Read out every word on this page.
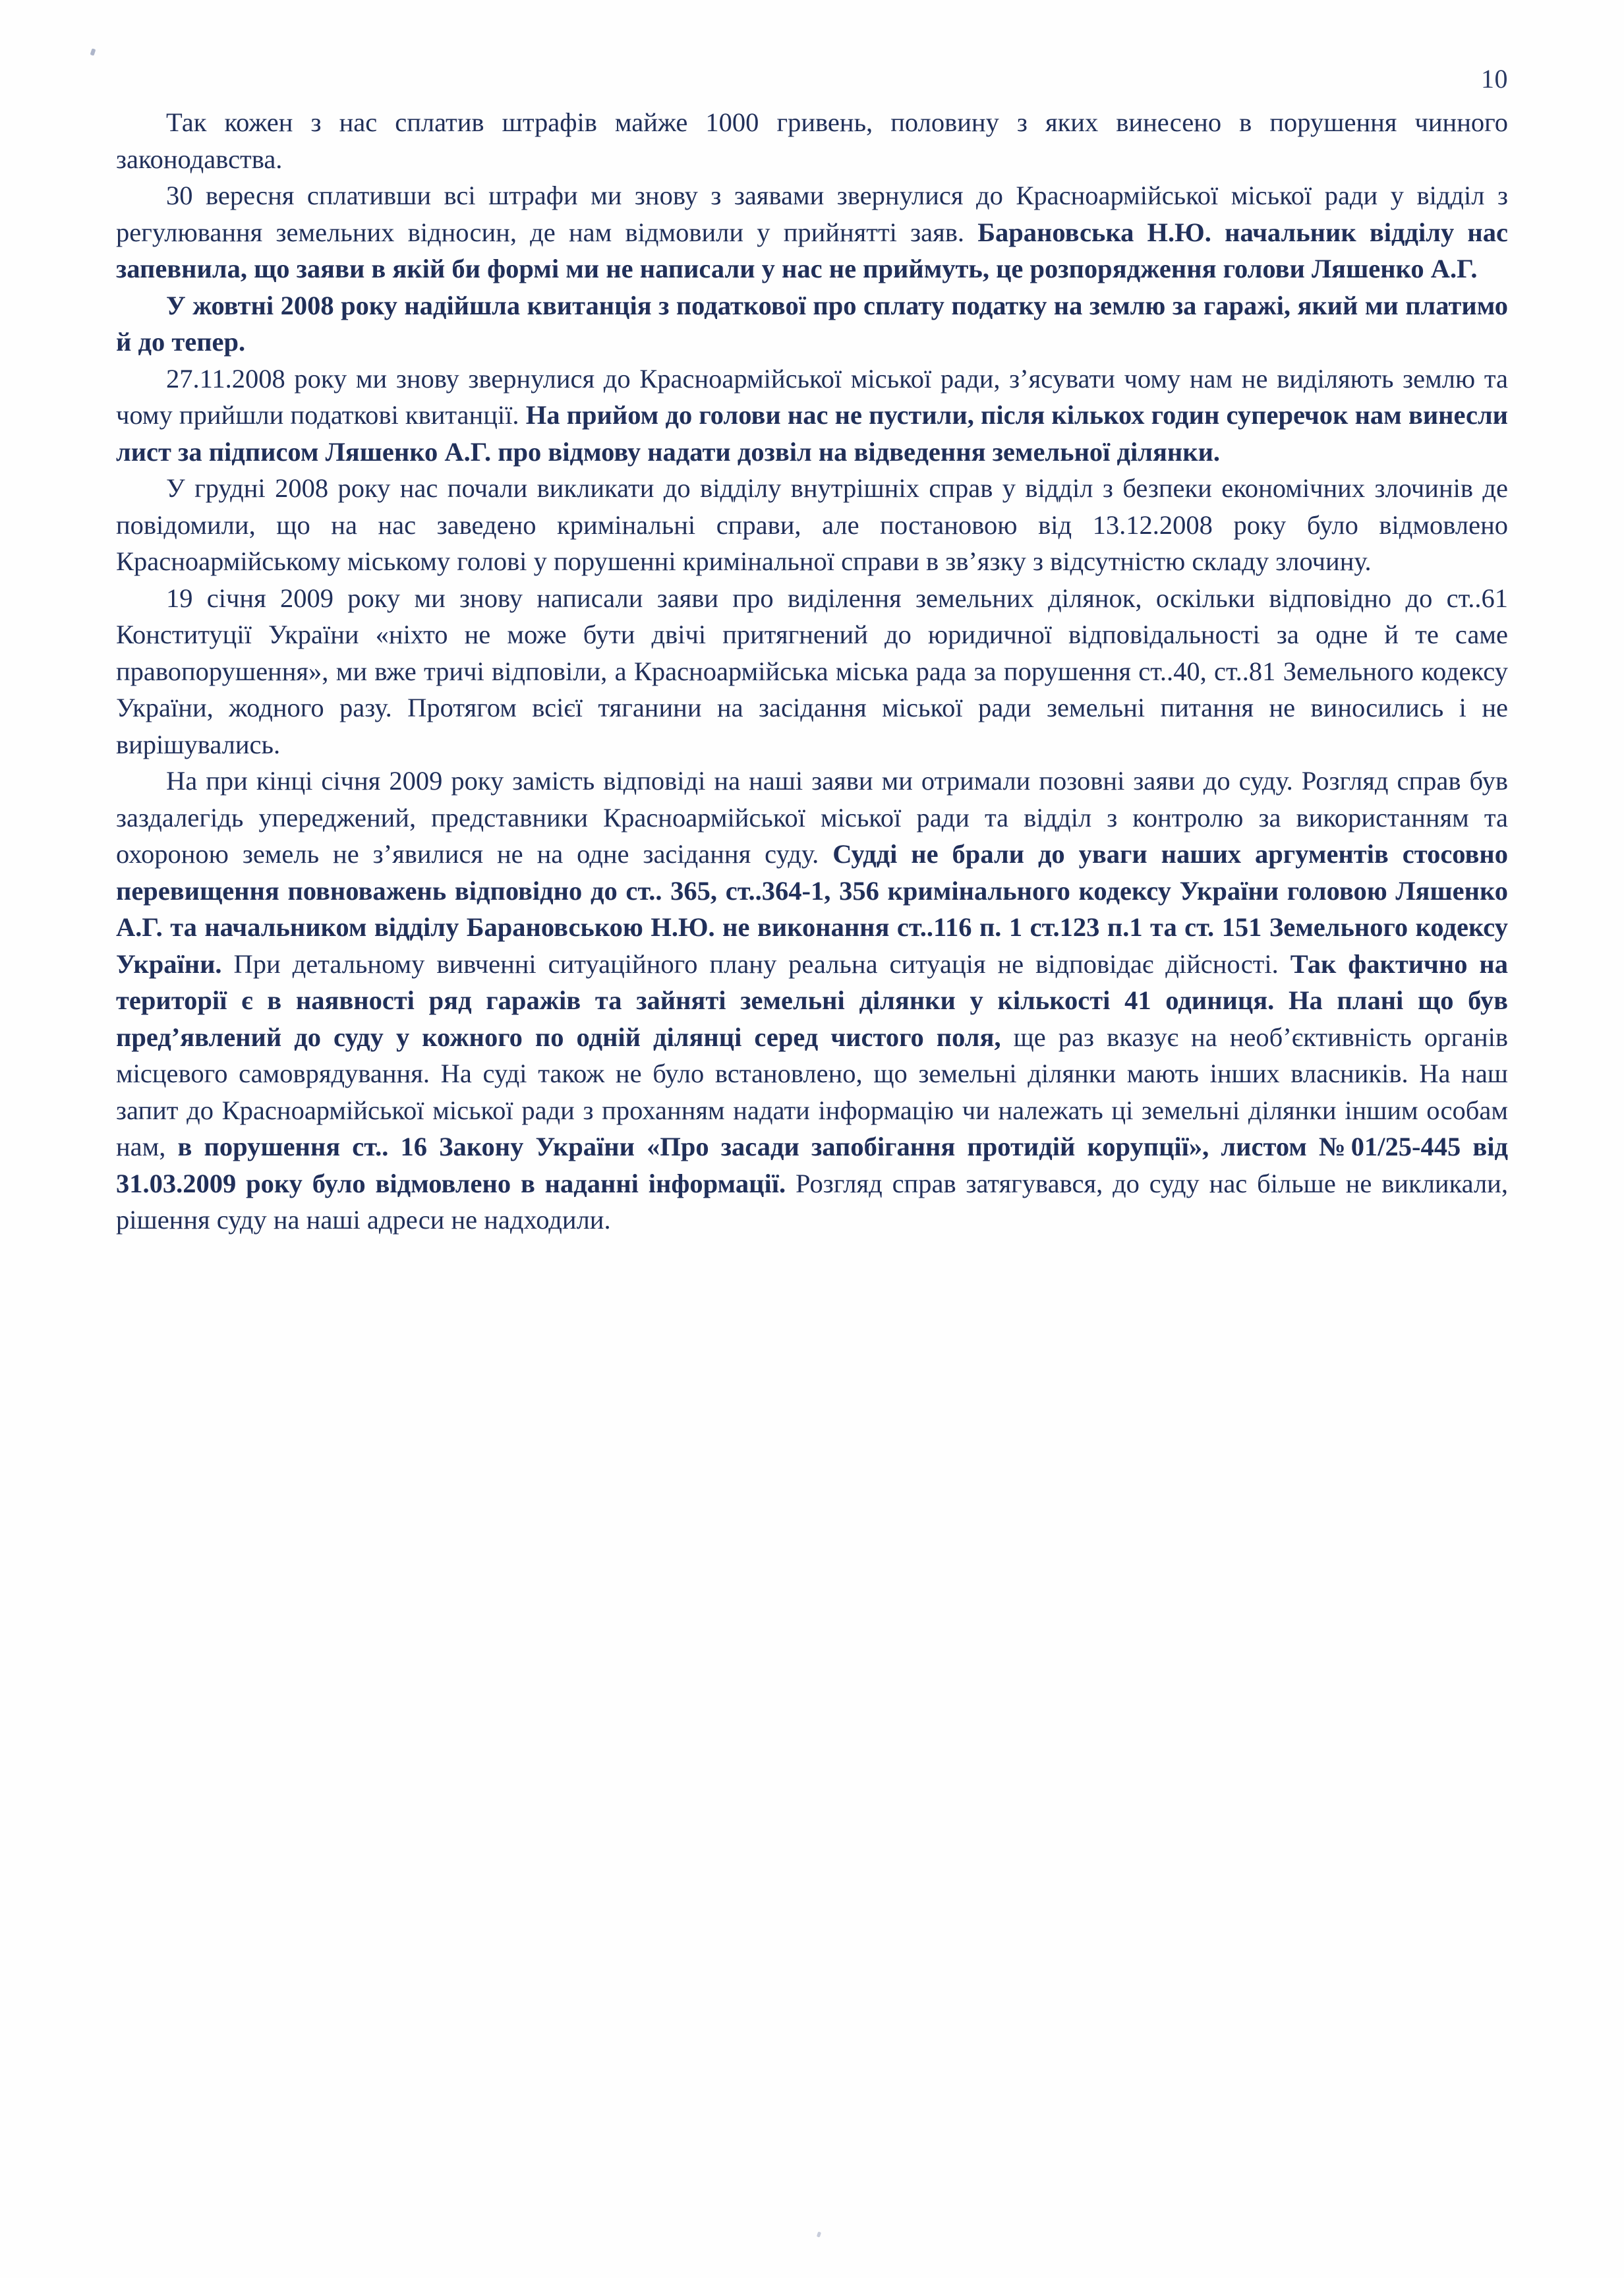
10

Так кожен з нас сплатив штрафів майже 1000 гривень, половину з яких винесено в порушення чинного законодавства.

30 вересня сплативши всі штрафи ми знову з заявами звернулися до Красноармійської міської ради у відділ з регулювання земельних відносин, де нам відмовили у прийнятті заяв. Барановська Н.Ю. начальник відділу нас запевнила, що заяви в якій би формі ми не написали у нас не приймуть, це розпорядження голови Ляшенко А.Г.

У жовтні 2008 року надійшла квитанція з податкової про сплату податку на землю за гаражі, який ми платимо й до тепер.

27.11.2008 року ми знову звернулися до Красноармійської міської ради, з’ясувати чому нам не виділяють землю та чому прийшли податкові квитанції. На прийом до голови нас не пустили, після кількох годин суперечок нам винесли лист за підписом Ляшенко А.Г. про відмову надати дозвіл на відведення земельної ділянки.

У грудні 2008 року нас почали викликати до відділу внутрішніх справ у відділ з безпеки економічних злочинів де повідомили, що на нас заведено кримінальні справи, але постановою від 13.12.2008 року було відмовлено Красноармійському міському голові у порушенні кримінальної справи в зв’язку з відсутністю складу злочину.

19 січня 2009 року ми знову написали заяви про виділення земельних ділянок, оскільки відповідно до ст..61 Конституції України «ніхто не може бути двічі притягнений до юридичної відповідальності за одне й те саме правопорушення», ми вже тричі відповіли, а Красноармійська міська рада за порушення ст..40, ст..81 Земельного кодексу України, жодного разу. Протягом всієї тяганини на засідання міської ради земельні питання не виносились і не вирішувались.

На при кінці січня 2009 року замість відповіді на наші заяви ми отримали позовні заяви до суду. Розгляд справ був заздалегідь упереджений, представники Красноармійської міської ради та відділ з контролю за використанням та охороною земель не з’явилися не на одне засідання суду. Судді не брали до уваги наших аргументів стосовно перевищення повноважень відповідно до ст.. 365, ст..364-1, 356 кримінального кодексу України головою Ляшенко А.Г. та начальником відділу Барановською Н.Ю. не виконання ст..116 п. 1 ст.123 п.1 та ст. 151 Земельного кодексу України. При детальному вивченні ситуаційного плану реальна ситуація не відповідає дійсності. Так фактично на території є в наявності ряд гаражів та зайняті земельні ділянки у кількості 41 одиниця. На плані що був пред’явлений до суду у кожного по одній ділянці серед чистого поля, ще раз вказує на необ’єктивність органів місцевого самоврядування. На суді також не було встановлено, що земельні ділянки мають інших власників. На наш запит до Красноармійської міської ради з проханням надати інформацію чи належать ці земельні ділянки іншим особам нам, в порушення ст.. 16 Закону України «Про засади запобігання протидій корупції», листом №01/25-445 від 31.03.2009 року було відмовлено в наданні інформації. Розгляд справ затягувався, до суду нас більше не викликали, рішення суду на наші адреси не надходили.
